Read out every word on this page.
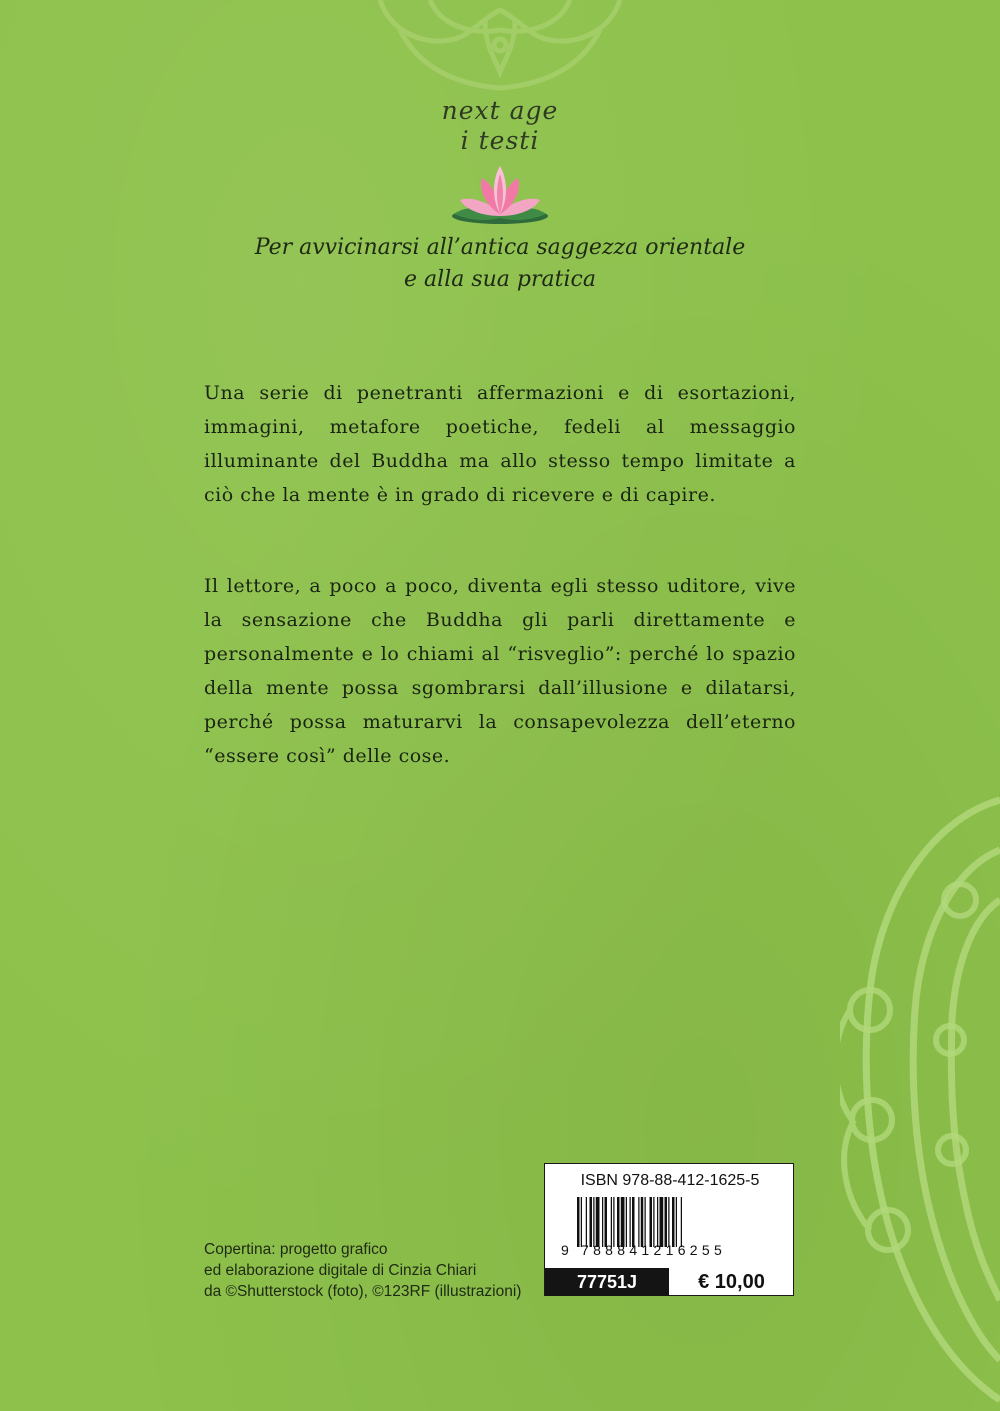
next age
i testi
Per avvicinarsi all’antica saggezza orientale
e alla sua pratica

Una serie di penetranti affermazioni e di esortazioni, immagini, metafore poetiche, fedeli al messaggio illuminante del Buddha ma allo stesso tempo limitate a ciò che la mente è in grado di ricevere e di capire.

Il lettore, a poco a poco, diventa egli stesso uditore, vive la sensazione che Buddha gli parli direttamente e personalmente e lo chiami al “risveglio”: perché lo spazio della mente possa sgombrarsi dall’illusione e dilatarsi, perché possa maturarvi la consapevolezza dell’eterno “essere così” delle cose.

Copertina: progetto grafico
ed elaborazione digitale di Cinzia Chiari
da ©Shutterstock (foto), ©123RF (illustrazioni)
ISBN 978-88-412-1625-5
9 788841216255
77751J	€ 10,00
